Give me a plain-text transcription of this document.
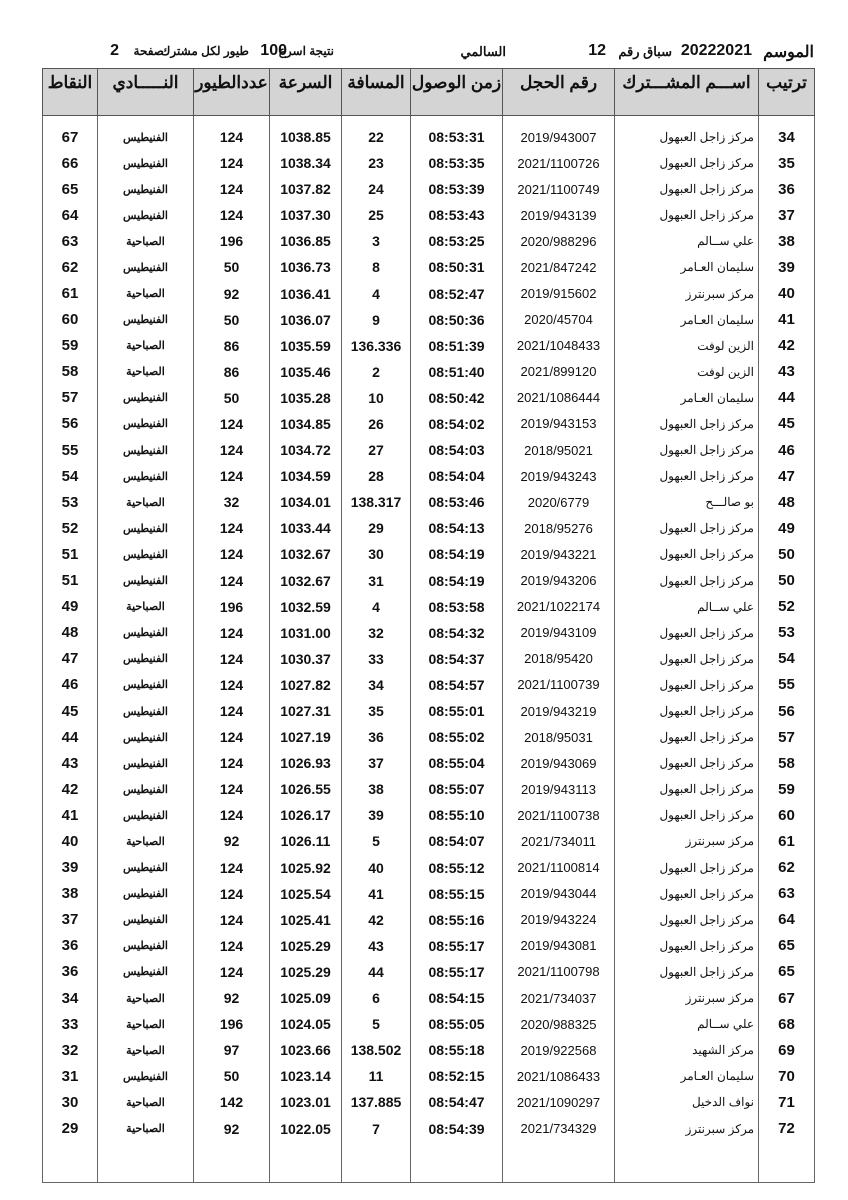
الموسم
20222021
سباق رقم
12
السالمي
نتيجة اسرع
100
طيور لكل مشترك
صفحة
2
ترتيب	اســـم المشـــترك	رقم الحجل	زمن الوصول	المسافة	السرعة	عددالطيور	النـــــادي	النقاط
34	مركز زاجل العبهول	2019/943007	08:53:31	22	1038.85	124	الفنيطيس	67
35	مركز زاجل العبهول	2021/1100726	08:53:35	23	1038.34	124	الفنيطيس	66
36	مركز زاجل العبهول	2021/1100749	08:53:39	24	1037.82	124	الفنيطيس	65
37	مركز زاجل العبهول	2019/943139	08:53:43	25	1037.30	124	الفنيطيس	64
38	علي ســالم	2020/988296	08:53:25	3	1036.85	196	الصباحية	63
39	سليمان العـامر	2021/847242	08:50:31	8	1036.73	50	الفنيطيس	62
40	مركز سبرنترز	2019/915602	08:52:47	4	1036.41	92	الصباحية	61
41	سليمان العـامر	2020/45704	08:50:36	9	1036.07	50	الفنيطيس	60
42	الزين لوفت	2021/1048433	08:51:39	136.336	1035.59	86	الصباحية	59
43	الزين لوفت	2021/899120	08:51:40	2	1035.46	86	الصباحية	58
44	سليمان العـامر	2021/1086444	08:50:42	10	1035.28	50	الفنيطيس	57
45	مركز زاجل العبهول	2019/943153	08:54:02	26	1034.85	124	الفنيطيس	56
46	مركز زاجل العبهول	2018/95021	08:54:03	27	1034.72	124	الفنيطيس	55
47	مركز زاجل العبهول	2019/943243	08:54:04	28	1034.59	124	الفنيطيس	54
48	بو صالـــح	2020/6779	08:53:46	138.317	1034.01	32	الصباحية	53
49	مركز زاجل العبهول	2018/95276	08:54:13	29	1033.44	124	الفنيطيس	52
50	مركز زاجل العبهول	2019/943221	08:54:19	30	1032.67	124	الفنيطيس	51
50	مركز زاجل العبهول	2019/943206	08:54:19	31	1032.67	124	الفنيطيس	51
52	علي ســالم	2021/1022174	08:53:58	4	1032.59	196	الصباحية	49
53	مركز زاجل العبهول	2019/943109	08:54:32	32	1031.00	124	الفنيطيس	48
54	مركز زاجل العبهول	2018/95420	08:54:37	33	1030.37	124	الفنيطيس	47
55	مركز زاجل العبهول	2021/1100739	08:54:57	34	1027.82	124	الفنيطيس	46
56	مركز زاجل العبهول	2019/943219	08:55:01	35	1027.31	124	الفنيطيس	45
57	مركز زاجل العبهول	2018/95031	08:55:02	36	1027.19	124	الفنيطيس	44
58	مركز زاجل العبهول	2019/943069	08:55:04	37	1026.93	124	الفنيطيس	43
59	مركز زاجل العبهول	2019/943113	08:55:07	38	1026.55	124	الفنيطيس	42
60	مركز زاجل العبهول	2021/1100738	08:55:10	39	1026.17	124	الفنيطيس	41
61	مركز سبرنترز	2021/734011	08:54:07	5	1026.11	92	الصباحية	40
62	مركز زاجل العبهول	2021/1100814	08:55:12	40	1025.92	124	الفنيطيس	39
63	مركز زاجل العبهول	2019/943044	08:55:15	41	1025.54	124	الفنيطيس	38
64	مركز زاجل العبهول	2019/943224	08:55:16	42	1025.41	124	الفنيطيس	37
65	مركز زاجل العبهول	2019/943081	08:55:17	43	1025.29	124	الفنيطيس	36
65	مركز زاجل العبهول	2021/1100798	08:55:17	44	1025.29	124	الفنيطيس	36
67	مركز سبرنترز	2021/734037	08:54:15	6	1025.09	92	الصباحية	34
68	علي ســالم	2020/988325	08:55:05	5	1024.05	196	الصباحية	33
69	مركز الشهيد	2019/922568	08:55:18	138.502	1023.66	97	الصباحية	32
70	سليمان العـامر	2021/1086433	08:52:15	11	1023.14	50	الفنيطيس	31
71	نواف الدخيل	2021/1090297	08:54:47	137.885	1023.01	142	الصباحية	30
72	مركز سبرنترز	2021/734329	08:54:39	7	1022.05	92	الصباحية	29
